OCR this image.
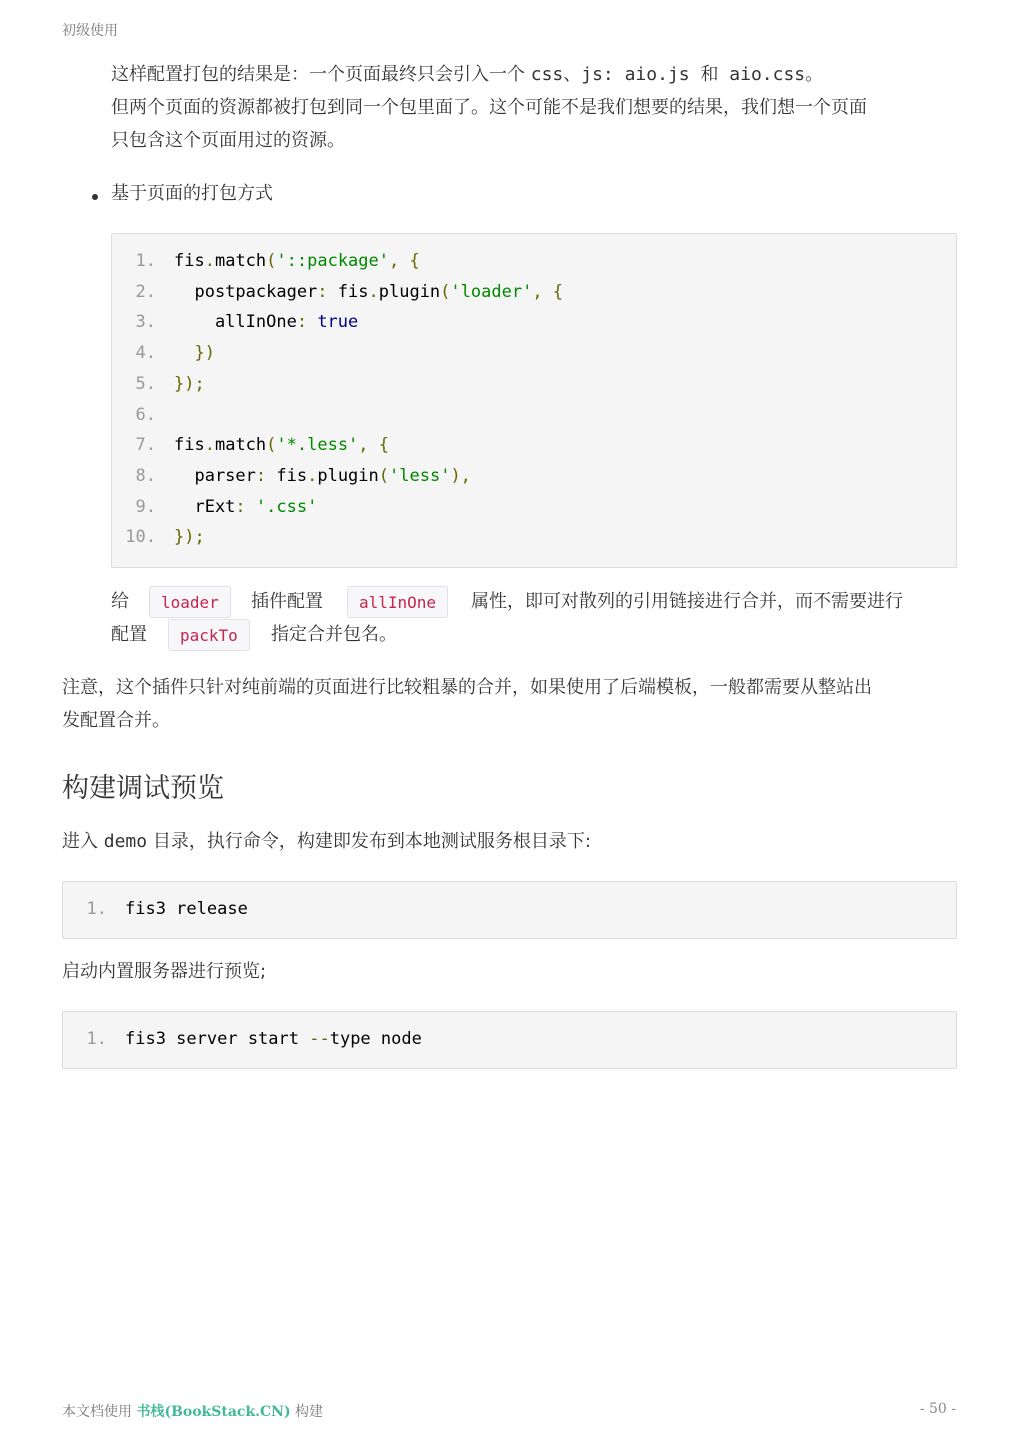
初级使用
这样配置打包的结果是：一个页面最终只会引入一个 css、js: aio.js 和 aio.css。
但两个页面的资源都被打包到同一个包里面了。这个可能不是我们想要的结果，我们想一个页面
只包含这个页面用过的资源。
基于页面的打包方式
1. fis.match('::package', {
2. postpackager: fis.plugin('loader', {
3. allInOne: true
4. })
5. });
6.
7. fis.match('*.less', {
8. parser: fis.plugin('less'),
9. rExt: '.css'
10. });
给	loader	插件配置	allInOne	属性，即可对散列的引用链接进行合并，而不需要进行
配置	packTo	指定合并包名。
注意，这个插件只针对纯前端的页面进行比较粗暴的合并，如果使用了后端模板，一般都需要从整站出
发配置合并。
构建调试预览
进入 demo 目录，执行命令，构建即发布到本地测试服务根目录下:
1. fis3 release
启动内置服务器进行预览;
1. fis3 server start --type node
本文档使用 书栈(BookStack.CN) 构建	- 50 -
